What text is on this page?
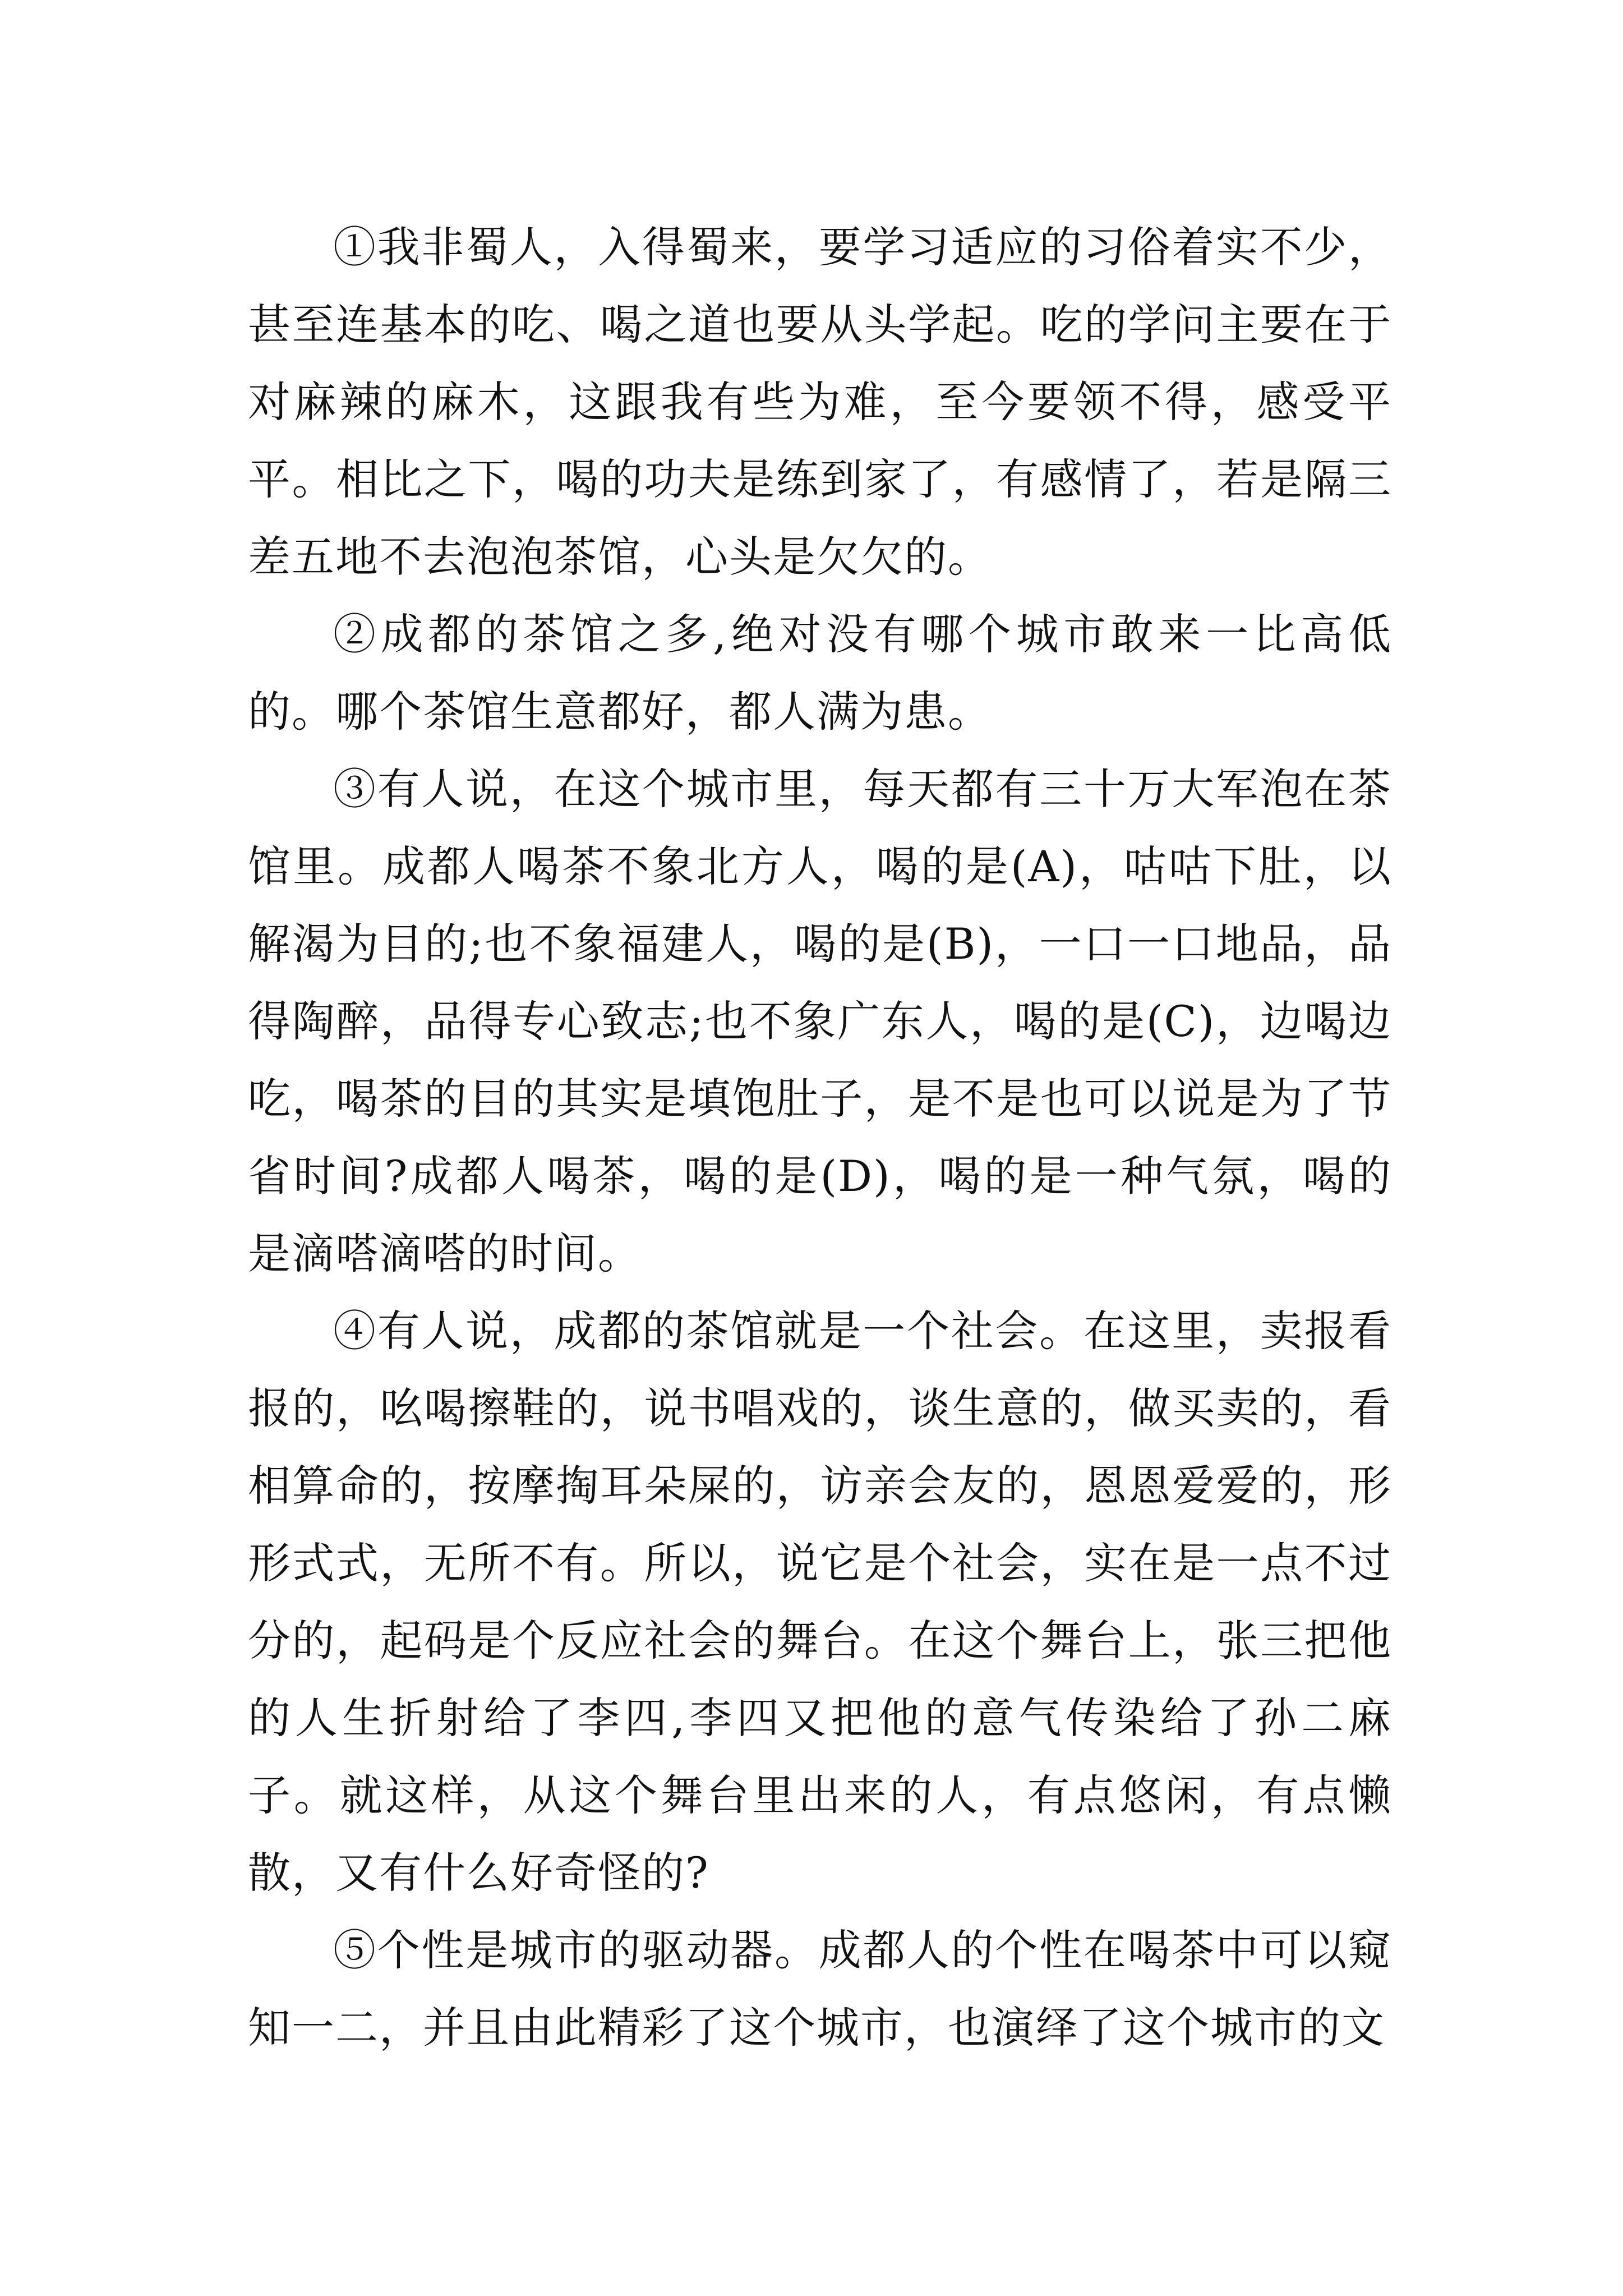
①我非蜀人，入得蜀来，要学习适应的习俗着实不少，甚至连基本的吃、喝之道也要从头学起。吃的学问主要在于对麻辣的麻木，这跟我有些为难，至今要领不得，感受平平。相比之下，喝的功夫是练到家了，有感情了，若是隔三差五地不去泡泡茶馆，心头是欠欠的。

②成都的茶馆之多,绝对没有哪个城市敢来一比高低的。哪个茶馆生意都好，都人满为患。

③有人说，在这个城市里，每天都有三十万大军泡在茶馆里。成都人喝茶不象北方人，喝的是(A)，咕咕下肚，以解渴为目的;也不象福建人，喝的是(B)，一口一口地品，品得陶醉，品得专心致志;也不象广东人，喝的是(C)，边喝边吃，喝茶的目的其实是填饱肚子，是不是也可以说是为了节省时间?成都人喝茶，喝的是(D)，喝的是一种气氛，喝的是滴嗒滴嗒的时间。

④有人说，成都的茶馆就是一个社会。在这里，卖报看报的，吆喝擦鞋的，说书唱戏的，谈生意的，做买卖的，看相算命的，按摩掏耳朵屎的，访亲会友的，恩恩爱爱的，形形式式，无所不有。所以，说它是个社会，实在是一点不过分的，起码是个反应社会的舞台。在这个舞台上，张三把他的人生折射给了李四,李四又把他的意气传染给了孙二麻子。就这样，从这个舞台里出来的人，有点悠闲，有点懒散，又有什么好奇怪的?

⑤个性是城市的驱动器。成都人的个性在喝茶中可以窥知一二，并且由此精彩了这个城市，也演绎了这个城市的文
